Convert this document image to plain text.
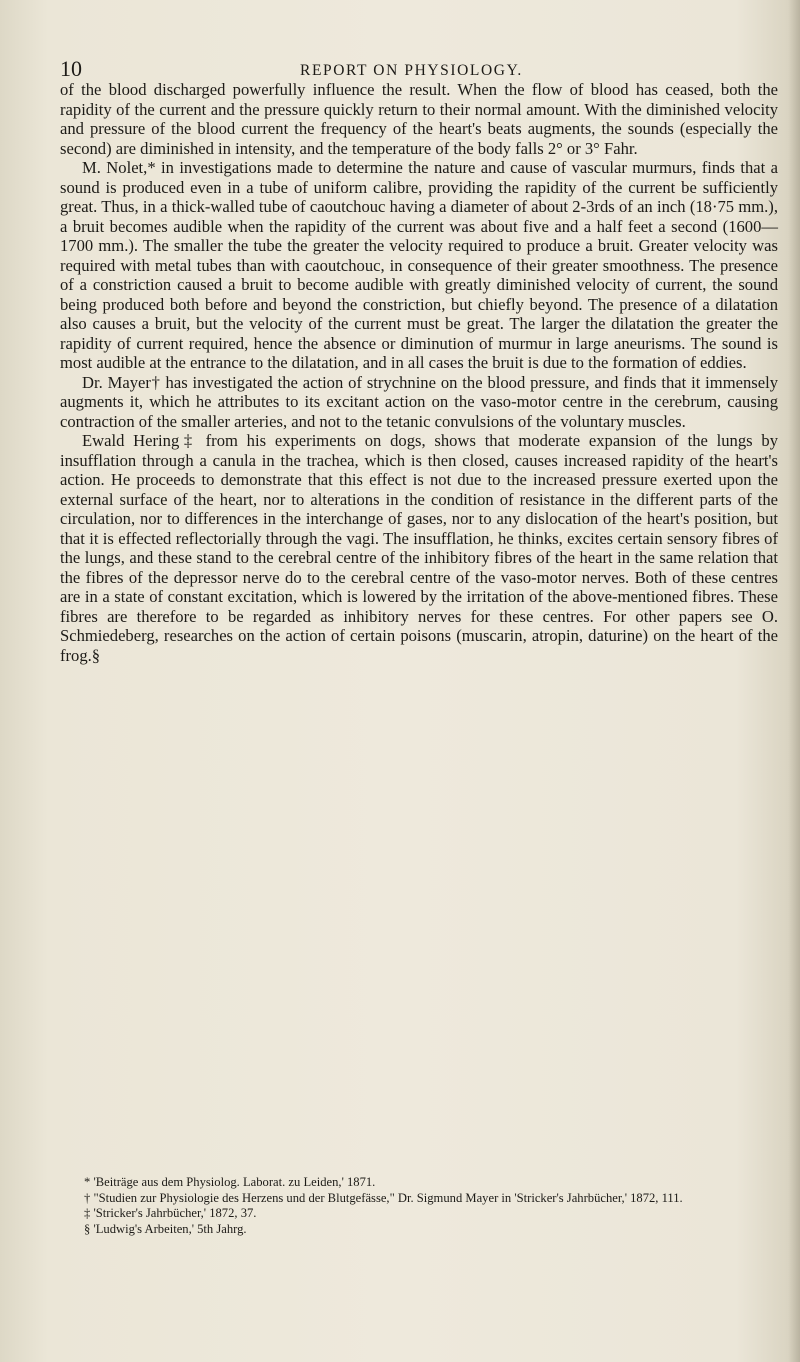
10	REPORT ON PHYSIOLOGY.

of the blood discharged powerfully influence the result. When the flow of blood has ceased, both the rapidity of the current and the pressure quickly return to their normal amount. With the diminished velocity and pressure of the blood current the frequency of the heart's beats augments, the sounds (especially the second) are diminished in intensity, and the temperature of the body falls 2° or 3° Fahr.

M. Nolet,* in investigations made to determine the nature and cause of vascular murmurs, finds that a sound is produced even in a tube of uniform calibre, providing the rapidity of the current be sufficiently great. Thus, in a thick-walled tube of caoutchouc having a diameter of about 2-3rds of an inch (18·75 mm.), a bruit becomes audible when the rapidity of the current was about five and a half feet a second (1600—1700 mm.). The smaller the tube the greater the velocity required to produce a bruit. Greater velocity was required with metal tubes than with caoutchouc, in consequence of their greater smoothness. The presence of a constriction caused a bruit to become audible with greatly diminished velocity of current, the sound being produced both before and beyond the constriction, but chiefly beyond. The presence of a dilatation also causes a bruit, but the velocity of the current must be great. The larger the dilatation the greater the rapidity of current required, hence the absence or diminution of murmur in large aneurisms. The sound is most audible at the entrance to the dilatation, and in all cases the bruit is due to the formation of eddies.

Dr. Mayer† has investigated the action of strychnine on the blood pressure, and finds that it immensely augments it, which he attributes to its excitant action on the vaso-motor centre in the cerebrum, causing contraction of the smaller arteries, and not to the tetanic convulsions of the voluntary muscles.

Ewald Hering‡ from his experiments on dogs, shows that moderate expansion of the lungs by insufflation through a canula in the trachea, which is then closed, causes increased rapidity of the heart's action. He proceeds to demonstrate that this effect is not due to the increased pressure exerted upon the external surface of the heart, nor to alterations in the condition of resistance in the different parts of the circulation, nor to differences in the interchange of gases, nor to any dislocation of the heart's position, but that it is effected reflectorially through the vagi. The insufflation, he thinks, excites certain sensory fibres of the lungs, and these stand to the cerebral centre of the inhibitory fibres of the heart in the same relation that the fibres of the depressor nerve do to the cerebral centre of the vaso-motor nerves. Both of these centres are in a state of constant excitation, which is lowered by the irritation of the above-mentioned fibres. These fibres are therefore to be regarded as inhibitory nerves for these centres. For other papers see O. Schmiedeberg, researches on the action of certain poisons (muscarin, atropin, daturine) on the heart of the frog.§

* 'Beiträge aus dem Physiolog. Laborat. zu Leiden,' 1871.

† "Studien zur Physiologie des Herzens und der Blutgefässe," Dr. Sigmund Mayer in 'Stricker's Jahrbücher,' 1872, 111.

‡ 'Stricker's Jahrbücher,' 1872, 37.

§ 'Ludwig's Arbeiten,' 5th Jahrg.
